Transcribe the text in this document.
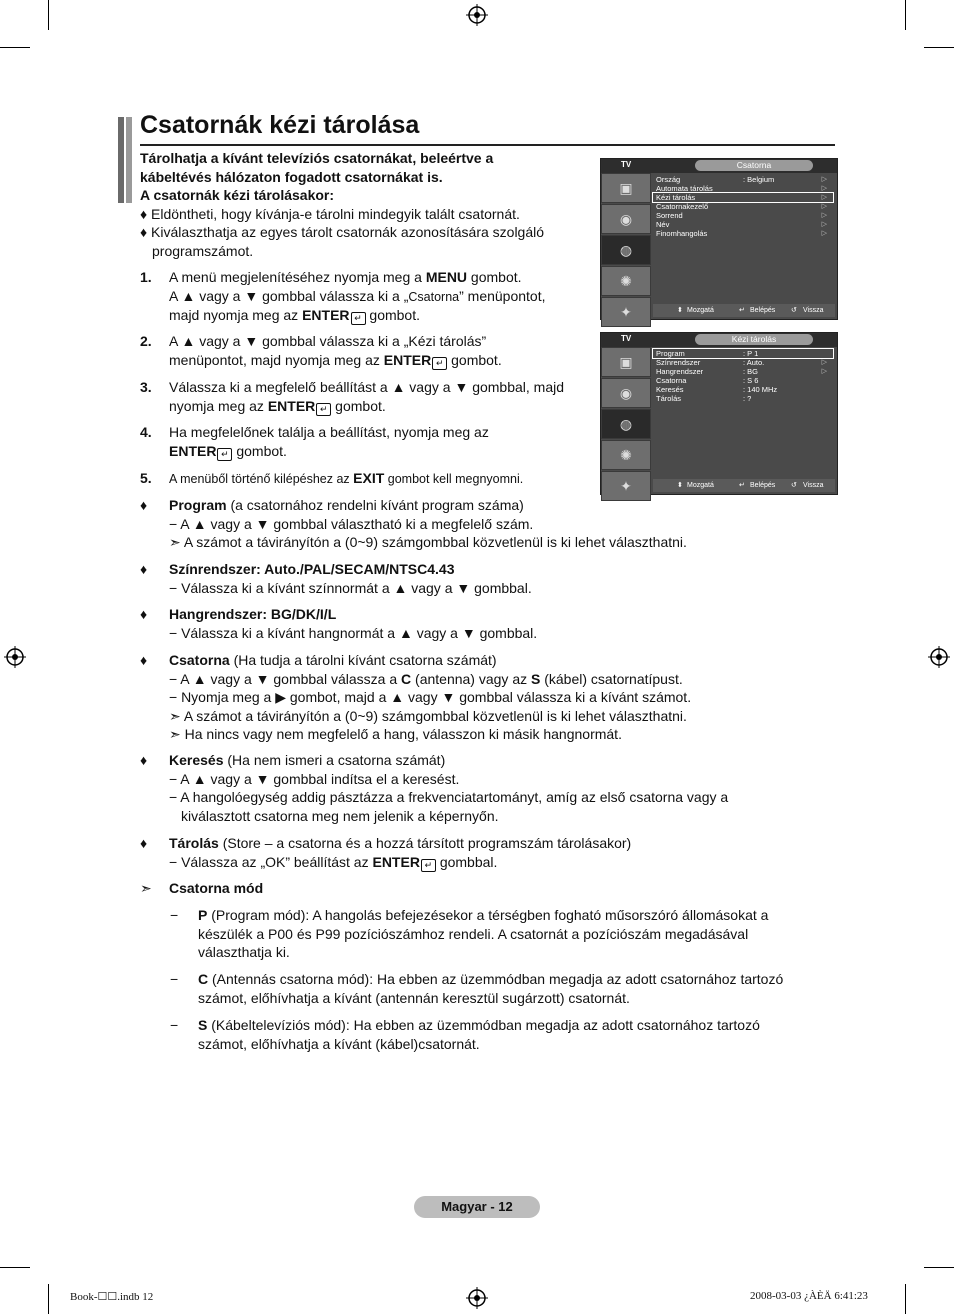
Csatornák kézi tárolása
Tárolhatja a kívánt televíziós csatornákat, beleértve a
kábeltévés hálózaton fogadott csatornákat is.
A csatornák kézi tárolásakor:
♦ Eldöntheti, hogy kívánja-e tárolni mindegyik talált csatornát.
♦ Kiválaszthatja az egyes tárolt csatornák azonosítására szolgáló
programszámot.
1. A menü megjelenítéséhez nyomja meg a MENU gombot.
A ▲ vagy a ▼ gombbal válassza ki a „Csatorna” menüpontot,
majd nyomja meg az ENTER ↵ gombot.
2. A ▲ vagy a ▼ gombbal válassza ki a „Kézi tárolás”
menüpontot, majd nyomja meg az ENTER ↵ gombot.
3. Válassza ki a megfelelő beállítást a ▲ vagy a ▼ gombbal, majd
nyomja meg az ENTER ↵ gombot.
4. Ha megfelelőnek találja a beállítást, nyomja meg az
ENTER ↵ gombot.
5. A menüből történő kilépéshez az EXIT gombot kell megnyomni.
♦ Program (a csatornához rendelni kívánt program száma)
− A ▲ vagy a ▼ gombbal választható ki a megfelelő szám.
➣ A számot a távirányítón a (0~9) számgombbal közvetlenül is ki lehet választhatni.
♦ Színrendszer: Auto./PAL/SECAM/NTSC4.43
− Válassza ki a kívánt színnormát a ▲ vagy a ▼ gombbal.
♦ Hangrendszer: BG/DK/I/L
− Válassza ki a kívánt hangnormát a ▲ vagy a ▼ gombbal.
♦ Csatorna (Ha tudja a tárolni kívánt csatorna számát)
− A ▲ vagy a ▼ gombbal válassza a C (antenna) vagy az S (kábel) csatornatípust.
− Nyomja meg a ▶ gombot, majd a ▲ vagy ▼ gombbal válassza ki a kívánt számot.
➣ A számot a távirányítón a (0~9) számgombbal közvetlenül is ki lehet választhatni.
➣ Ha nincs vagy nem megfelelő a hang, válasszon ki másik hangnormát.
♦ Keresés (Ha nem ismeri a csatorna számát)
− A ▲ vagy a ▼ gombbal indítsa el a keresést.
− A hangolóegység addig pásztázza a frekvenciatartományt, amíg az első csatorna vagy a
kiválasztott csatorna meg nem jelenik a képernyőn.
♦ Tárolás (Store – a csatorna és a hozzá társított programszám tárolásakor)
− Válassza az „OK” beállítást az ENTER ↵ gombbal.
➣ Csatorna mód
− P (Program mód): A hangolás befejezésekor a térségben fogható műsorszóró állomásokat a
készülék a P00 és P99 pozíciószámhoz rendeli. A csatornát a pozíciószám megadásával
választhatja ki.
− C (Antennás csatorna mód): Ha ebben az üzemmódban megadja az adott csatornához tartozó
számot, előhívhatja a kívánt (antennán keresztül sugárzott) csatornát.
− S (Kábeltelevíziós mód): Ha ebben az üzemmódban megadja az adott csatornához tartozó
számot, előhívhatja a kívánt (kábel)csatornát.
TV	Csatorna
▣
◉
◍
✺
✦
Ország	: Belgium	▷
Automata tárolás	▷
Kézi tárolás	▷
Csatornakezelő	▷
Sorrend	▷
Név	▷
Finomhangolás	▷
⬍ Mozgatá	↵ Belépés ↺ Vissza
TV	Kézi tárolás
▣
◉
◍
✺
✦
Program	: P 1
Színrendszer	: Auto.	▷
Hangrendszer	: BG	▷
Csatorna	: S 6
Keresés	: 140 MHz
Tárolás	: ?
⬍ Mozgatá	↵ Belépés ↺ Vissza
Magyar - 12
Book-☐☐.indb 12	2008-03-03 ¿ÀÈÄ 6:41:23
